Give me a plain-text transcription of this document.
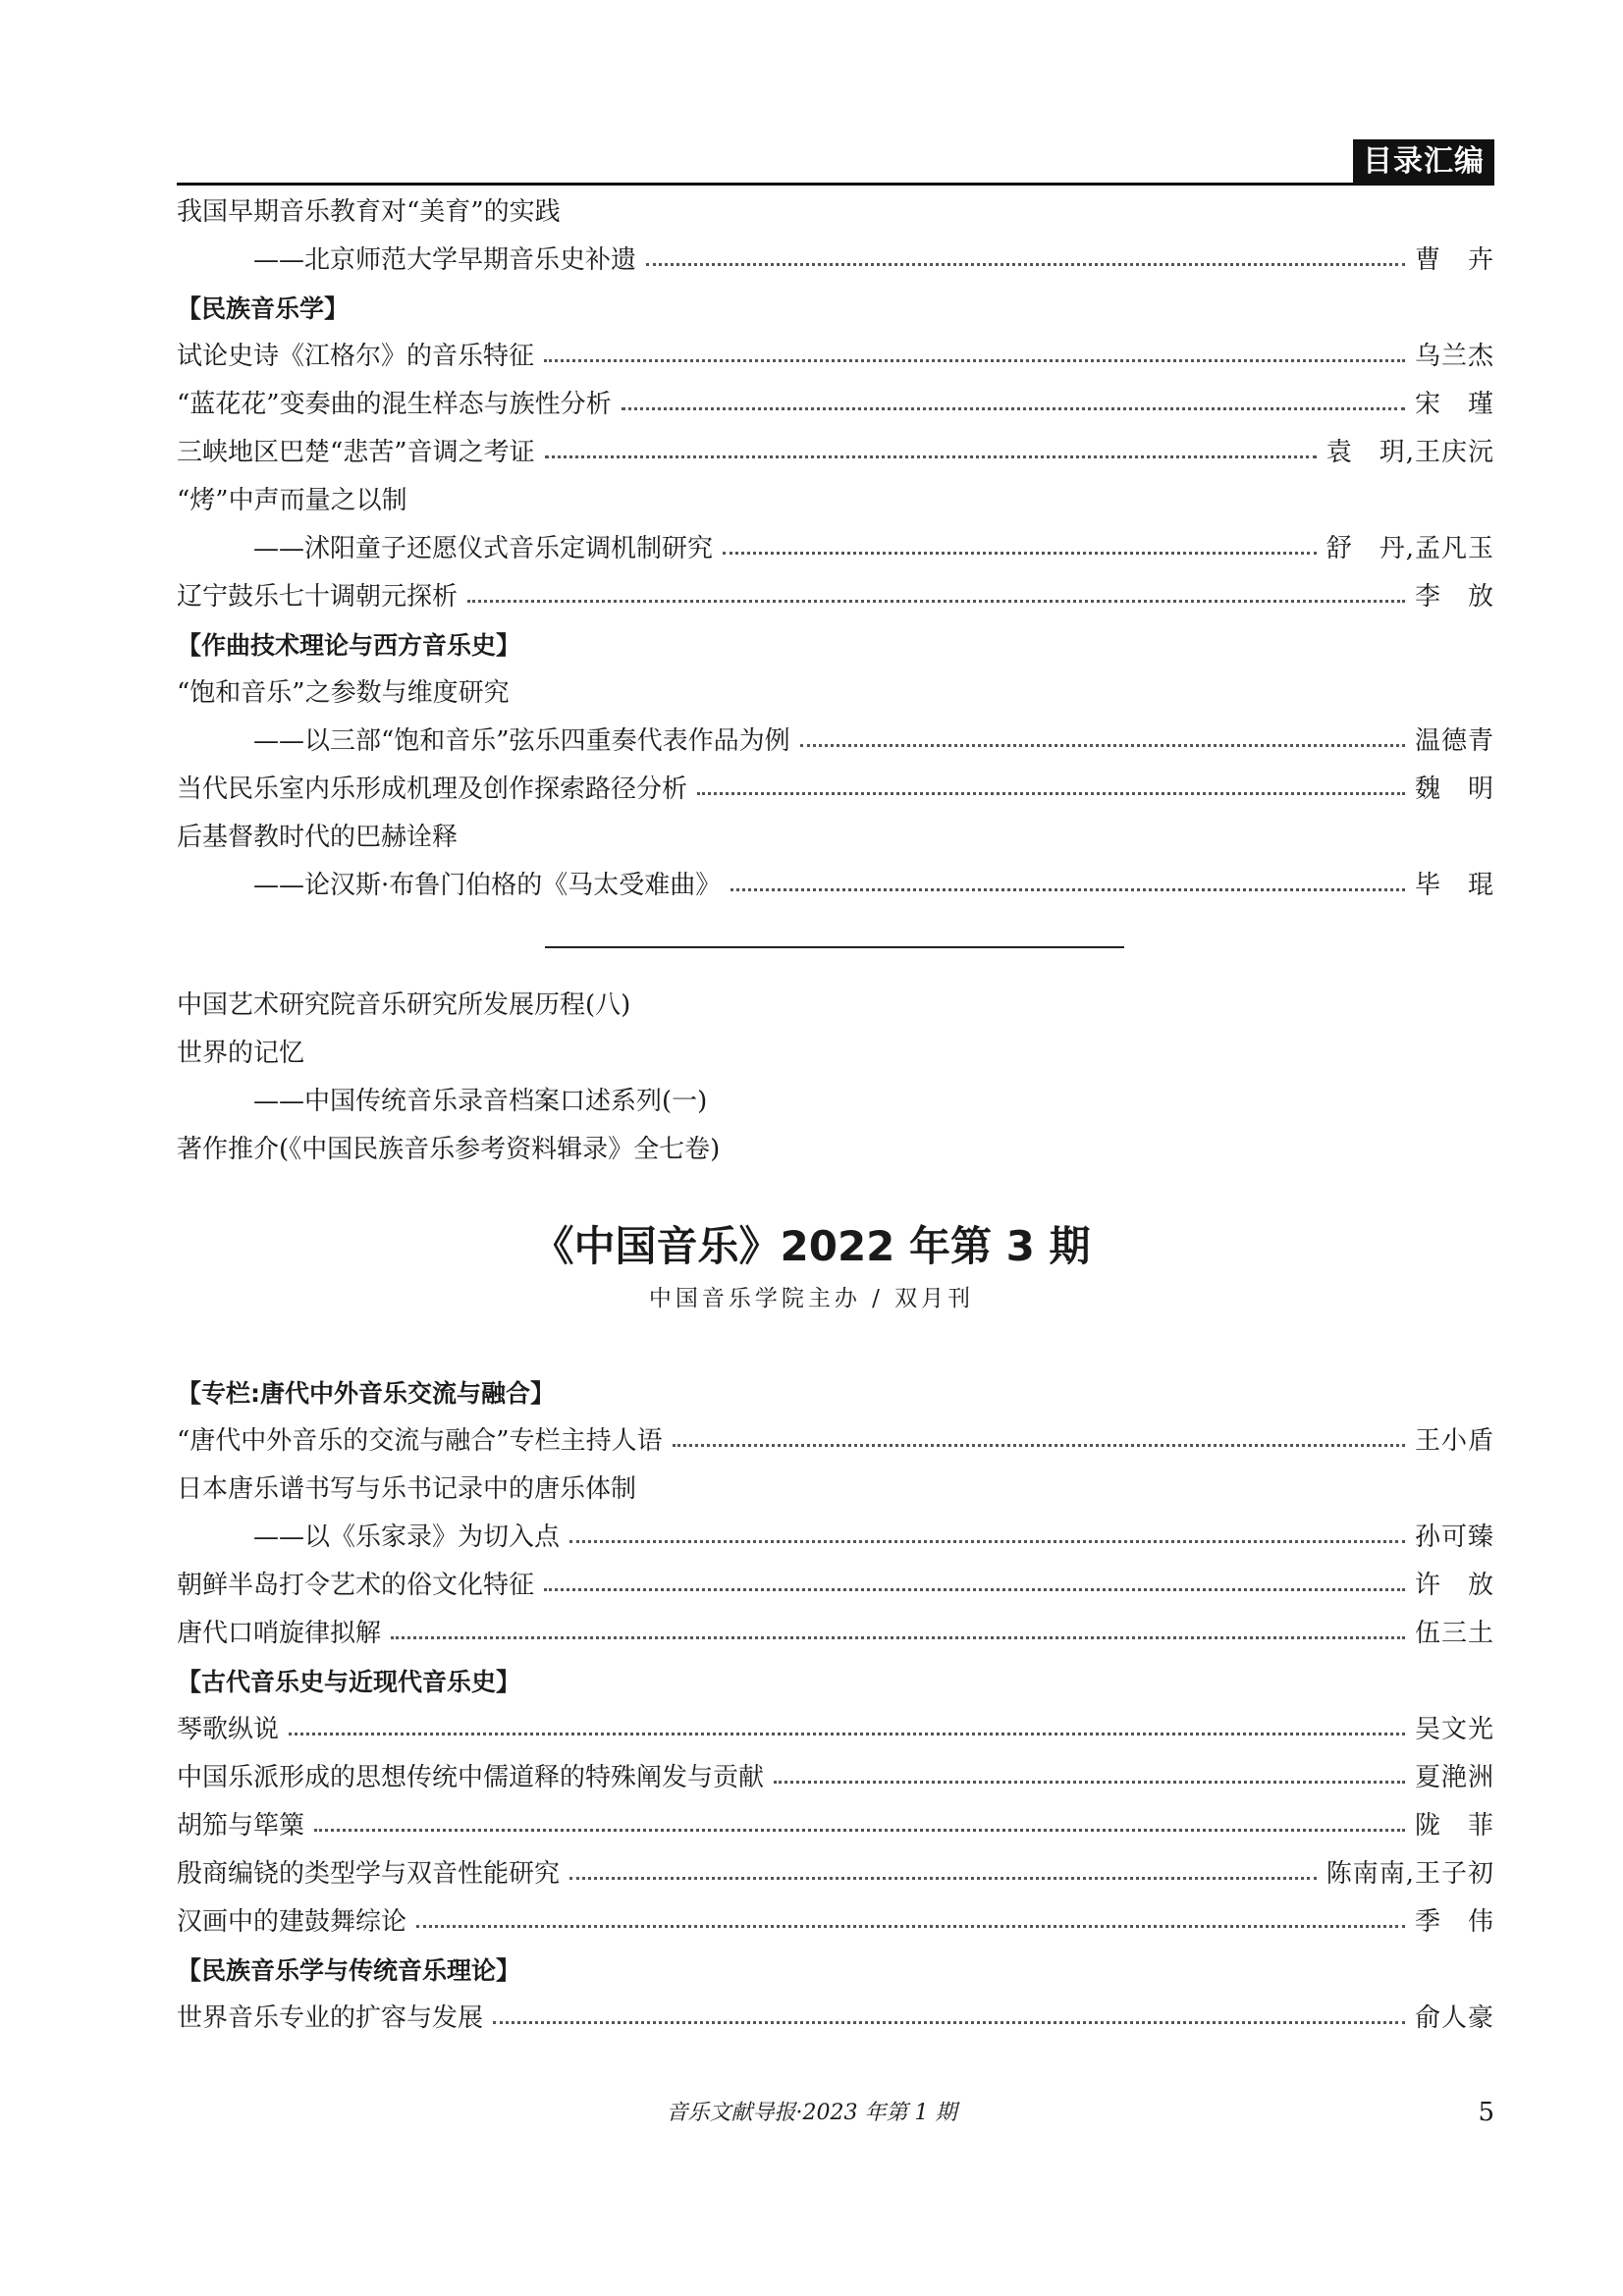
目录汇编
我国早期音乐教育对“美育”的实践
——北京师范大学早期音乐史补遗	曹　卉
【民族音乐学】
试论史诗《江格尔》的音乐特征	乌兰杰
“蓝花花”变奏曲的混生样态与族性分析	宋　瑾
三峡地区巴楚“悲苦”音调之考证	袁　玥,王庆沅
“烤”中声而量之以制
——沭阳童子还愿仪式音乐定调机制研究	舒　丹,孟凡玉
辽宁鼓乐七十调朝元探析	李　放
【作曲技术理论与西方音乐史】
“饱和音乐”之参数与维度研究
——以三部“饱和音乐”弦乐四重奏代表作品为例	温德青
当代民乐室内乐形成机理及创作探索路径分析	魏　明
后基督教时代的巴赫诠释
——论汉斯·布鲁门伯格的《马太受难曲》	毕　琨
中国艺术研究院音乐研究所发展历程(八)
世界的记忆
——中国传统音乐录音档案口述系列(一)
著作推介(《中国民族音乐参考资料辑录》全七卷)
《中国音乐》2022 年第 3 期
中国音乐学院主办 / 双月刊
【专栏:唐代中外音乐交流与融合】
“唐代中外音乐的交流与融合”专栏主持人语	王小盾
日本唐乐谱书写与乐书记录中的唐乐体制
——以《乐家录》为切入点	孙可臻
朝鲜半岛打令艺术的俗文化特征	许　放
唐代口哨旋律拟解	伍三土
【古代音乐史与近现代音乐史】
琴歌纵说	吴文光
中国乐派形成的思想传统中儒道释的特殊阐发与贡献	夏滟洲
胡笳与筚篥	陇　菲
殷商编铙的类型学与双音性能研究	陈南南,王子初
汉画中的建鼓舞综论	季　伟
【民族音乐学与传统音乐理论】
世界音乐专业的扩容与发展	俞人豪
音乐文献导报·2023 年第 1 期	5
